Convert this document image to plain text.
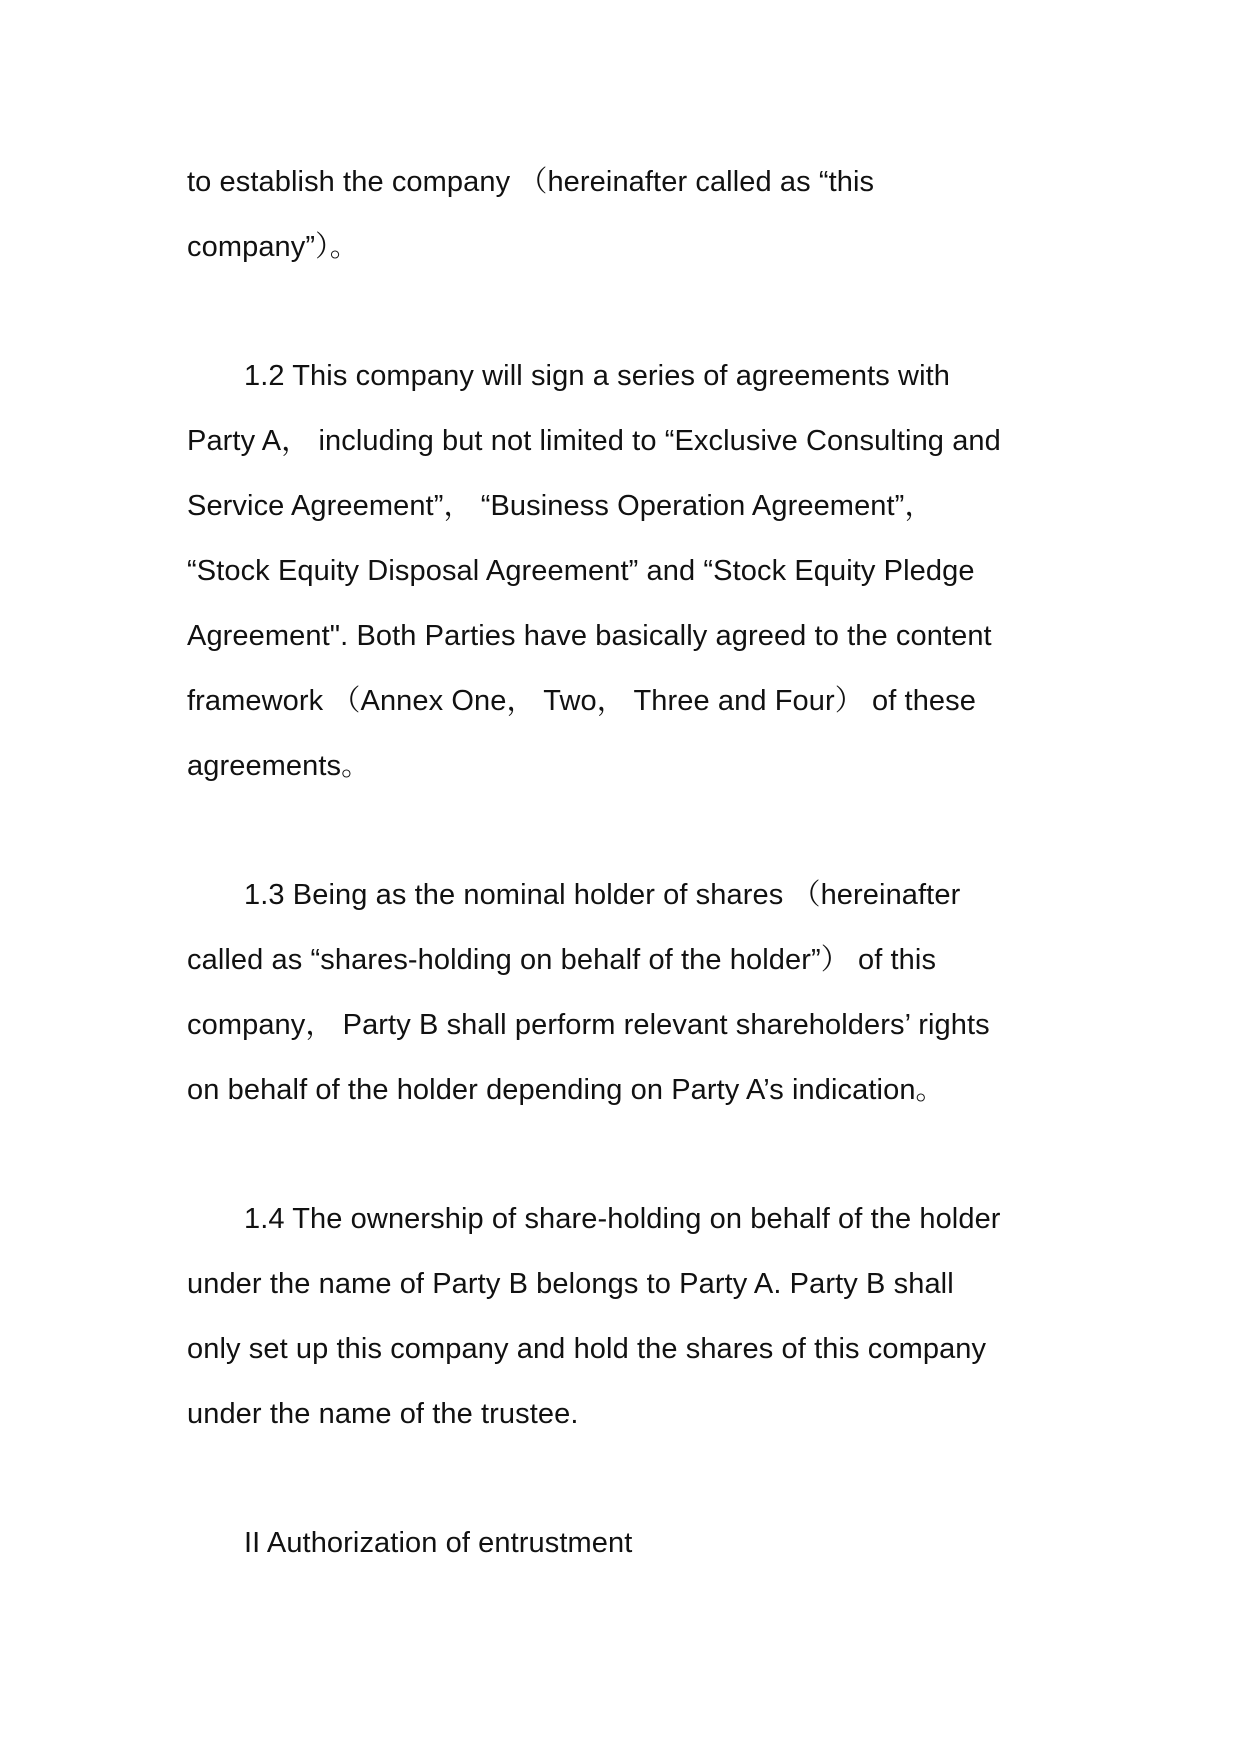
to establish the company （hereinafter called as “this
company”）。
1.2 This company will sign a series of agreements with
Party A， including but not limited to “Exclusive Consulting and
Service Agreement”， “Business Operation Agreement”，
“Stock Equity Disposal Agreement” and “Stock Equity Pledge
Agreement". Both Parties have basically agreed to the content
framework （Annex One， Two， Three and Four） of these
agreements。
1.3 Being as the nominal holder of shares （hereinafter
called as “shares-holding on behalf of the holder”） of this
company， Party B shall perform relevant shareholders’ rights
on behalf of the holder depending on Party A’s indication。
1.4 The ownership of share-holding on behalf of the holder
under the name of Party B belongs to Party A. Party B shall
only set up this company and hold the shares of this company
under the name of the trustee.
II Authorization of entrustment
